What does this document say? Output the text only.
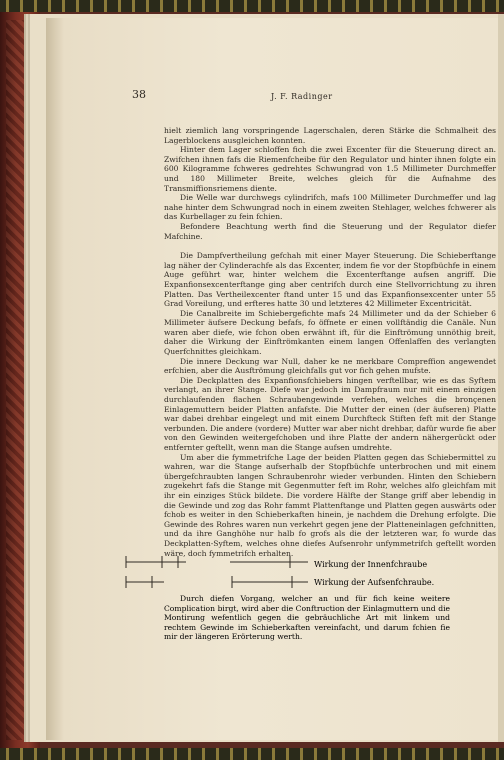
38	J. F. Radinger

hielt ziemlich lang vorspringende Lagerschalen, deren Stärke die Schmalheit des Lagerblockens ausgleichen konnten.

Hinter dem Lager schloffen fich die zwei Excenter für die Steuerung direct an. Zwifchen ihnen fafs die Riemenfcheibe für den Regulator und hinter ihnen folgte ein 600 Kilogramme fchweres gedrehtes Schwungrad von 1.5 Millimeter Durchmeffer und 180 Millimeter Breite, welches gleich für die Aufnahme des Transmiffionsriemens diente.

Die Welle war durchwegs cylindrifch, mafs 100 Millimeter Durchmeffer und lag nahe hinter dem Schwungrad noch in einem zweiten Stehlager, welches fchwerer als das Kurbellager zu fein fchien.

Befondere Beachtung werth find die Steuerung und der Regulator diefer Mafchine.

Die Dampfvertheilung gefchah mit einer Mayer Steuerung. Die Schieberftange lag näher der Cylinderachfe als das Excenter, indem fie vor der Stopfbüchfe in einem Auge geführt war, hinter welchem die Excenterftange aufsen angriff. Die Expanfionsexcenterftange ging aber centrifch durch eine Stellvorrichtung zu ihren Platten. Das Vertheilexcenter ftand unter 15 und das Expanfionsexcenter unter 55 Grad Voreilung, und erfteres hatte 30 und letzteres 42 Millimeter Excentricität.

Die Canalbreite im Schiebergefichte mafs 24 Millimeter und da der Schieber 6 Millimeter äufsere Deckung befafs, fo öffnete er einen vollftändig die Canäle. Nun waren aber diefe, wie fchon oben erwähnt ift, für die Einftrömung unnöthig breit, daher die Wirkung der Einftrömkanten einem langen Offenlaffen des verlangten Querfchnittes gleichkam.

Die innere Deckung war Null, daher ke ne merkbare Compreffion angewendet erfchien, aber die Ausftrömung gleichfalls gut vor fich gehen mufste.

Die Deckplatten des Expanfionsfchiebers hingen verftellbar, wie es das Syftem verlangt, an ihrer Stange. Diefe war jedoch im Dampfraum nur mit einem einzigen durchlaufenden flachen Schraubengewinde verfehen, welches die bronçenen Einlagemuttern beider Platten anfafste. Die Mutter der einen (der äufseren) Platte war dabei drehbar eingelegt und mit einem Durchfteck Stiften feft mit der Stange verbunden. Die andere (vordere) Mutter war aber nicht drehbar, dafür wurde fie aber von den Gewinden weitergefchoben und ihre Platte der andern nähergerückt oder entfernter geftellt, wenn man die Stange aufsen umdrehte.

Um aber die fymmetrifche Lage der beiden Platten gegen das Schiebermittel zu wahren, war die Stange aufserhalb der Stopfbüchfe unterbrochen und mit einem übergefchraubten langen Schraubenrohr wieder verbunden. Hinten den Schiebern zugekehrt fafs die Stange mit Gegenmutter feft im Rohr, welches alfo gleichfam mit ihr ein einziges Stück bildete. Die vordere Hälfte der Stange griff aber lebendig in die Gewinde und zog das Rohr fammt Plattenftange und Platten gegen auswärts oder fchob es weiter in den Schieberkaften hinein, je nachdem die Drehung erfolgte. Die Gewinde des Rohres waren nun verkehrt gegen jene der Platteneinlagen gefchnitten, und da ihre Ganghöhe nur halb fo grofs als die der letzteren war, fo wurde das Deckplatten-Syftem, welches ohne diefes Aufsenrohr unfymmetrifch geftellt worden wäre, doch fymmetrifch erhalten.

Wirkung der Innenfchraube
Wirkung der Aufsenfchraube.

Durch diefen Vorgang, welcher an und für fich keine weitere Complication birgt, wird aber die Conftruction der Einlagmuttern und die Montirung wefentlich gegen die gebräuchliche Art mit linkem und rechtem Gewinde im Schieberkaften vereinfacht, und darum fchien fie mir der längeren Erörterung werth.
